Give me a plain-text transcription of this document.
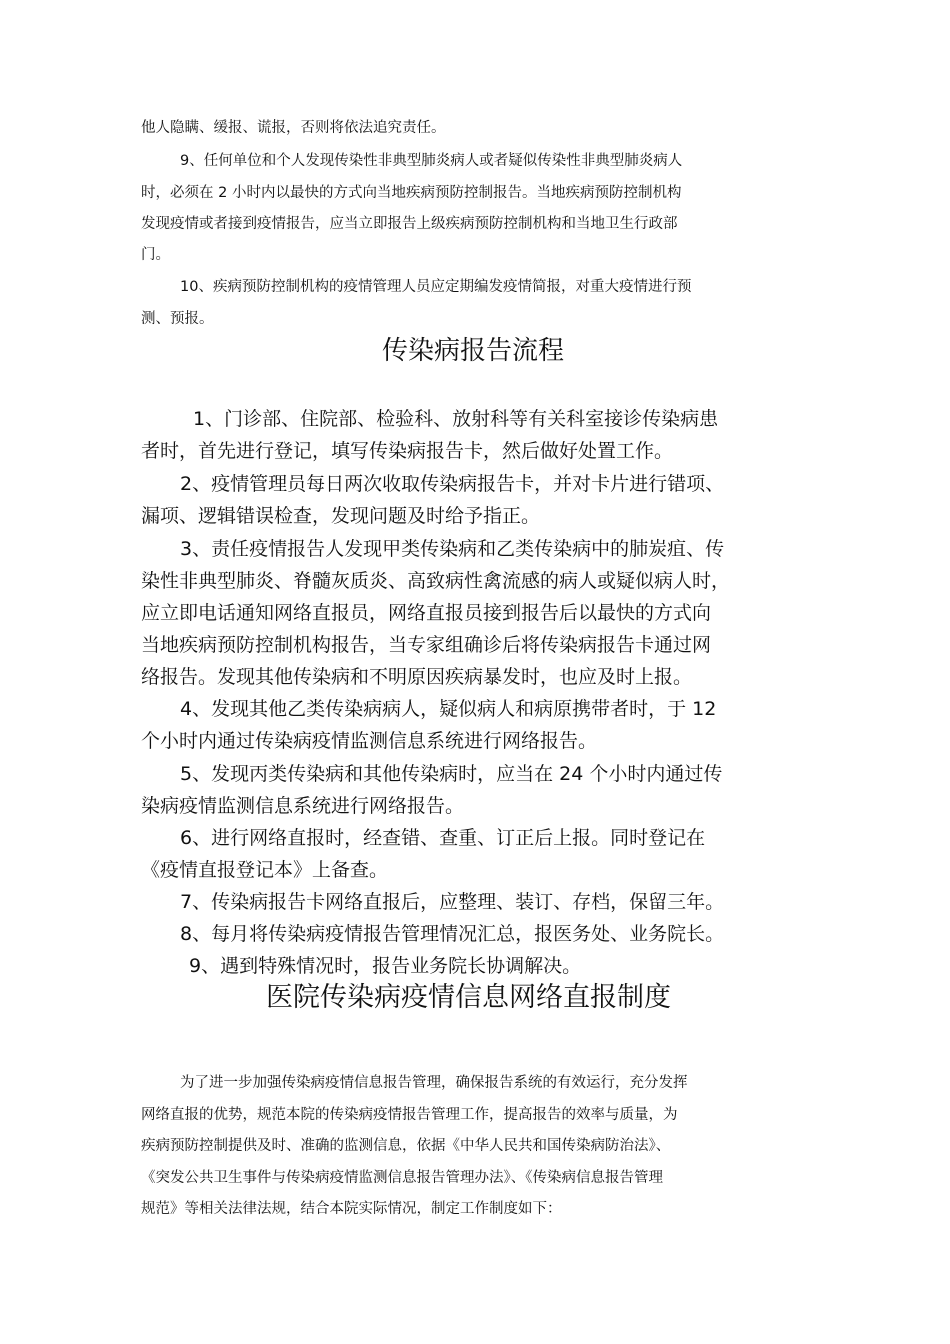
他人隐瞒、缓报、谎报，否则将依法追究责任。

9、任何单位和个人发现传染性非典型肺炎病人或者疑似传染性非典型肺炎病人

时，必须在 2 小时内以最快的方式向当地疾病预防控制报告。当地疾病预防控制机构

发现疫情或者接到疫情报告，应当立即报告上级疾病预防控制机构和当地卫生行政部

门。

10、疾病预防控制机构的疫情管理人员应定期编发疫情简报，对重大疫情进行预

测、预报。

传染病报告流程

1、门诊部、住院部、检验科、放射科等有关科室接诊传染病患

者时，首先进行登记，填写传染病报告卡，然后做好处置工作。

2、疫情管理员每日两次收取传染病报告卡，并对卡片进行错项、

漏项、逻辑错误检查，发现问题及时给予指正。

3、责任疫情报告人发现甲类传染病和乙类传染病中的肺炭疽、传

染性非典型肺炎、脊髓灰质炎、高致病性禽流感的病人或疑似病人时，

应立即电话通知网络直报员，网络直报员接到报告后以最快的方式向

当地疾病预防控制机构报告，当专家组确诊后将传染病报告卡通过网

络报告。发现其他传染病和不明原因疾病暴发时，也应及时上报。

4、发现其他乙类传染病病人，疑似病人和病原携带者时，于 12

个小时内通过传染病疫情监测信息系统进行网络报告。

5、发现丙类传染病和其他传染病时，应当在 24 个小时内通过传

染病疫情监测信息系统进行网络报告。

6、进行网络直报时，经查错、查重、订正后上报。同时登记在

《疫情直报登记本》上备查。

7、传染病报告卡网络直报后，应整理、装订、存档，保留三年。

8、每月将传染病疫情报告管理情况汇总，报医务处、业务院长。

9、遇到特殊情况时，报告业务院长协调解决。

医院传染病疫情信息网络直报制度

为了进一步加强传染病疫情信息报告管理，确保报告系统的有效运行，充分发挥

网络直报的优势，规范本院的传染病疫情报告管理工作，提高报告的效率与质量，为

疾病预防控制提供及时、准确的监测信息，依据《中华人民共和国传染病防治法》、

《突发公共卫生事件与传染病疫情监测信息报告管理办法》、《传染病信息报告管理

规范》等相关法律法规，结合本院实际情况，制定工作制度如下：
